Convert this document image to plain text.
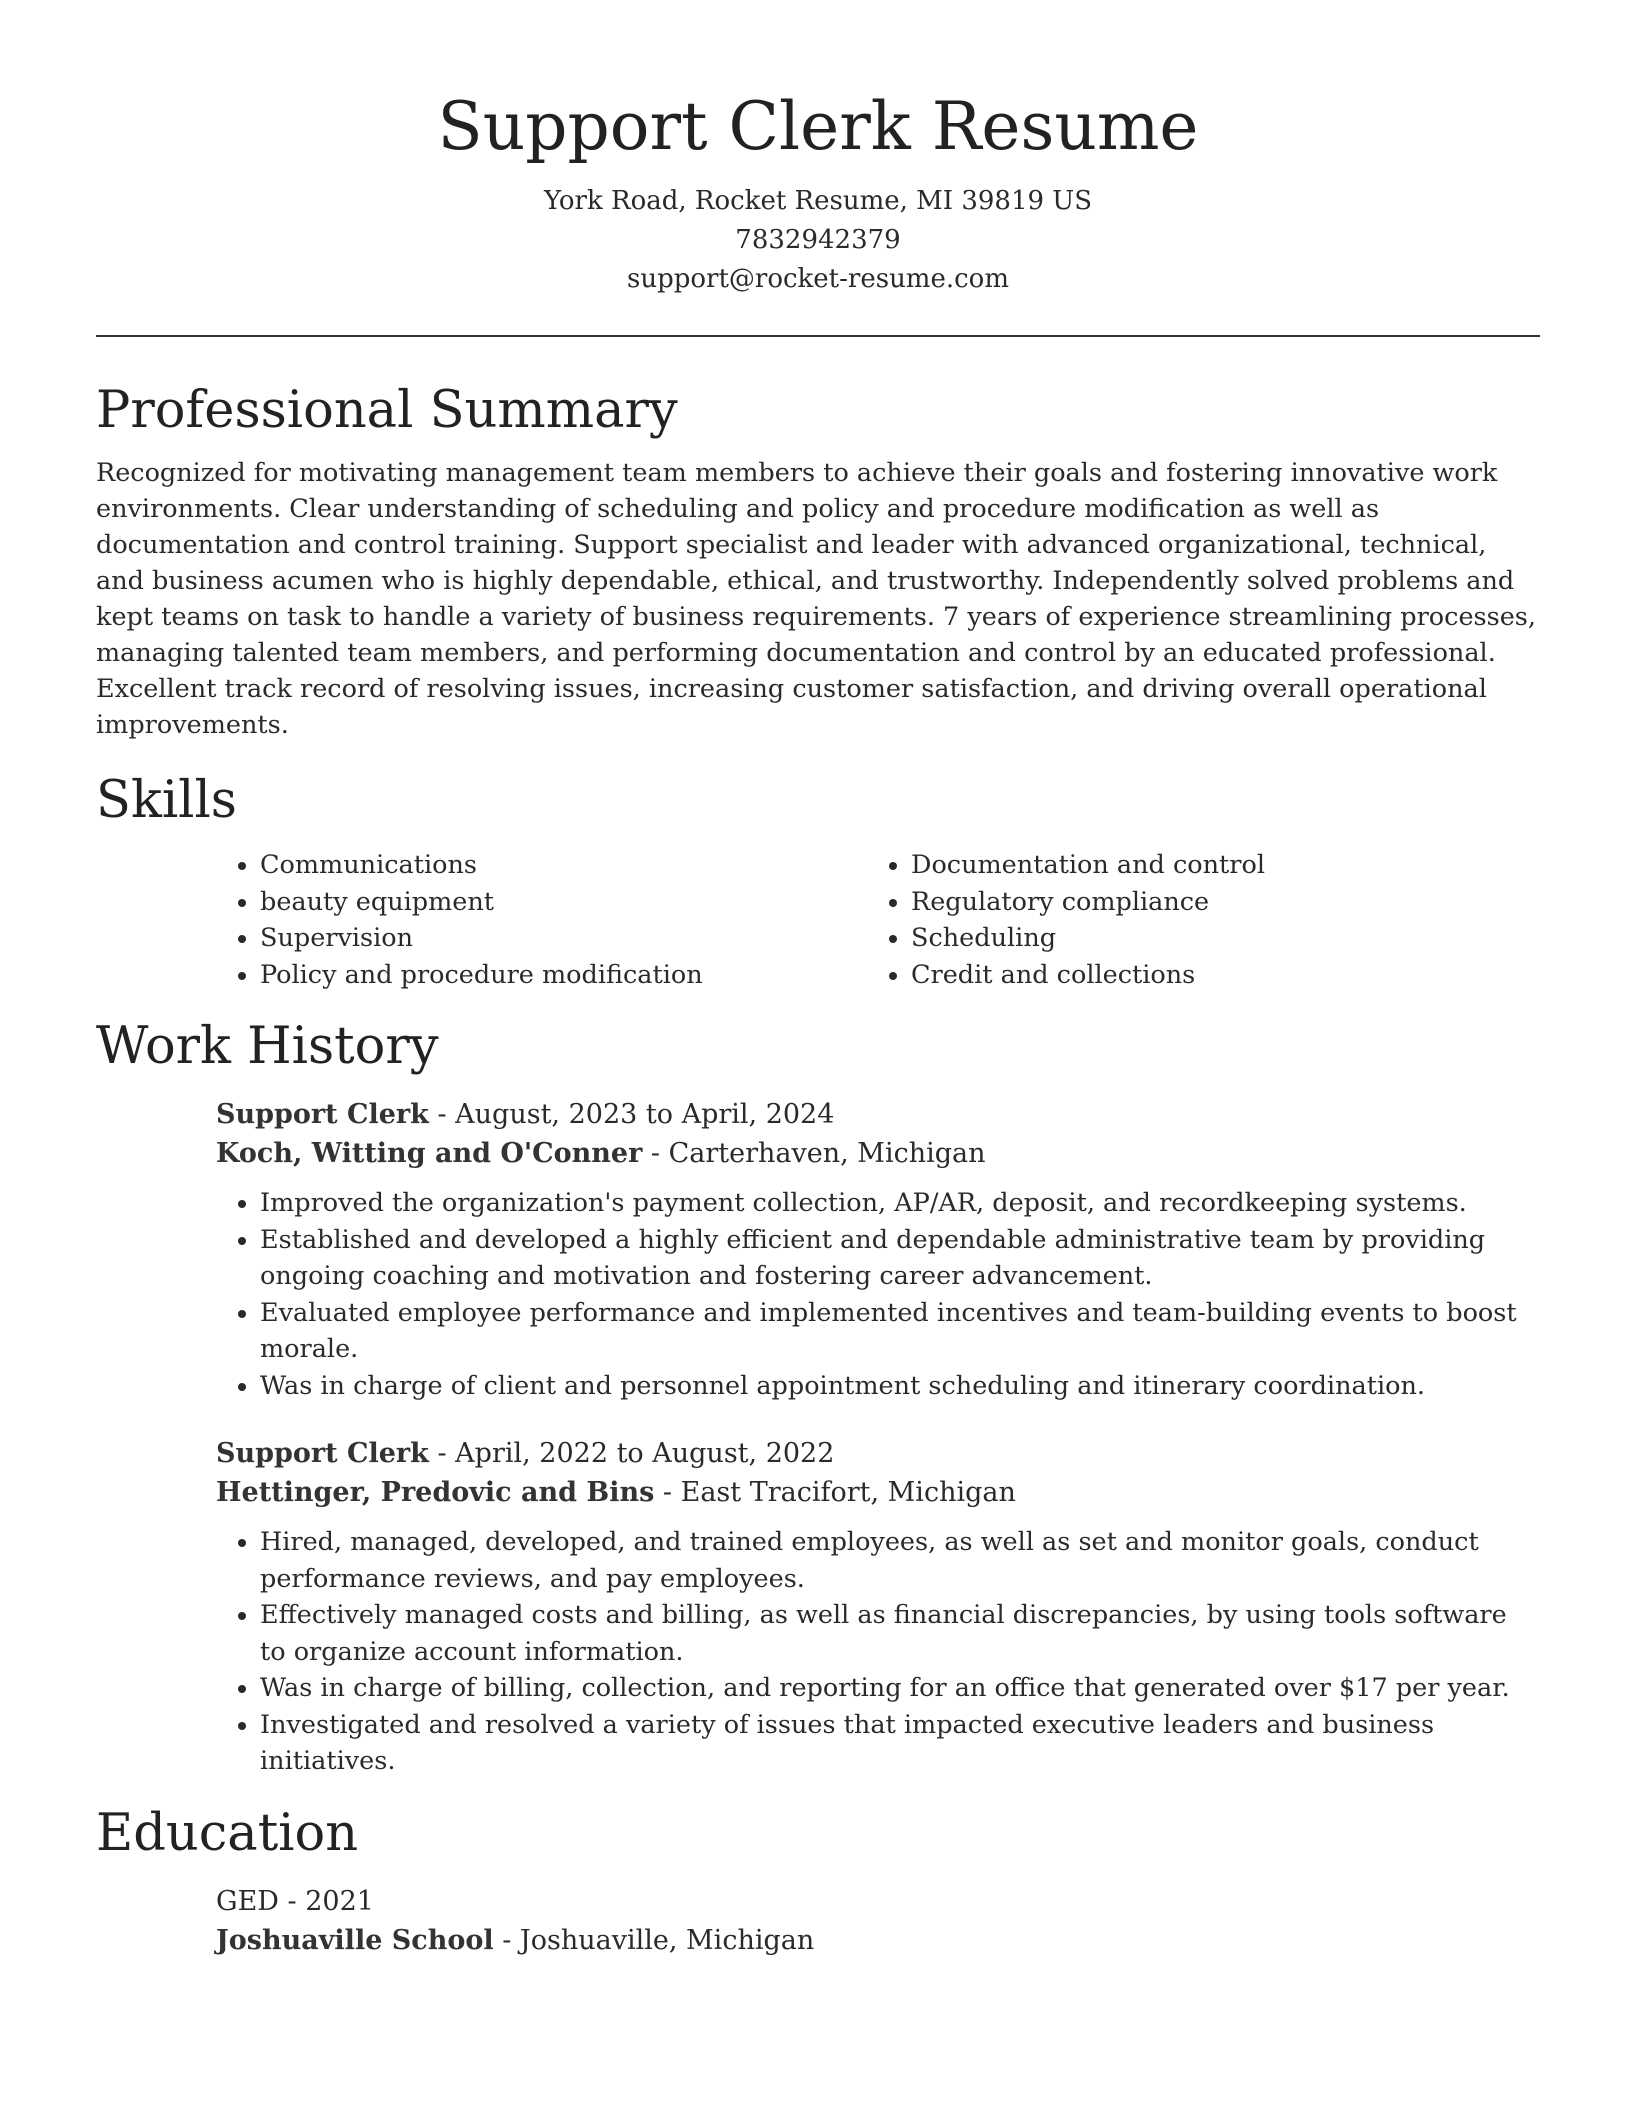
Support Clerk Resume

York Road, Rocket Resume, MI 39819 US

7832942379

support@rocket-resume.com

Professional Summary

Recognized for motivating management team members to achieve their goals and fostering innovative work environments. Clear understanding of scheduling and policy and procedure modification as well as documentation and control training. Support specialist and leader with advanced organizational, technical, and business acumen who is highly dependable, ethical, and trustworthy. Independently solved problems and kept teams on task to handle a variety of business requirements. 7 years of experience streamlining processes, managing talented team members, and performing documentation and control by an educated professional. Excellent track record of resolving issues, increasing customer satisfaction, and driving overall operational improvements.

Skills
• Communications
• beauty equipment
• Supervision
• Policy and procedure modification
• Documentation and control
• Regulatory compliance
• Scheduling
• Credit and collections
Work History

Support Clerk - August, 2023 to April, 2024

Koch, Witting and O'Conner - Carterhaven, Michigan

• Improved the organization's payment collection, AP/AR, deposit, and recordkeeping systems.
• Established and developed a highly efficient and dependable administrative team by providing ongoing coaching and motivation and fostering career advancement.
• Evaluated employee performance and implemented incentives and team-building events to boost morale.
• Was in charge of client and personnel appointment scheduling and itinerary coordination.

Support Clerk - April, 2022 to August, 2022

Hettinger, Predovic and Bins - East Tracifort, Michigan

• Hired, managed, developed, and trained employees, as well as set and monitor goals, conduct performance reviews, and pay employees.
• Effectively managed costs and billing, as well as financial discrepancies, by using tools software to organize account information.
• Was in charge of billing, collection, and reporting for an office that generated over $17 per year.
• Investigated and resolved a variety of issues that impacted executive leaders and business initiatives.
Education

GED - 2021

Joshuaville School - Joshuaville, Michigan
